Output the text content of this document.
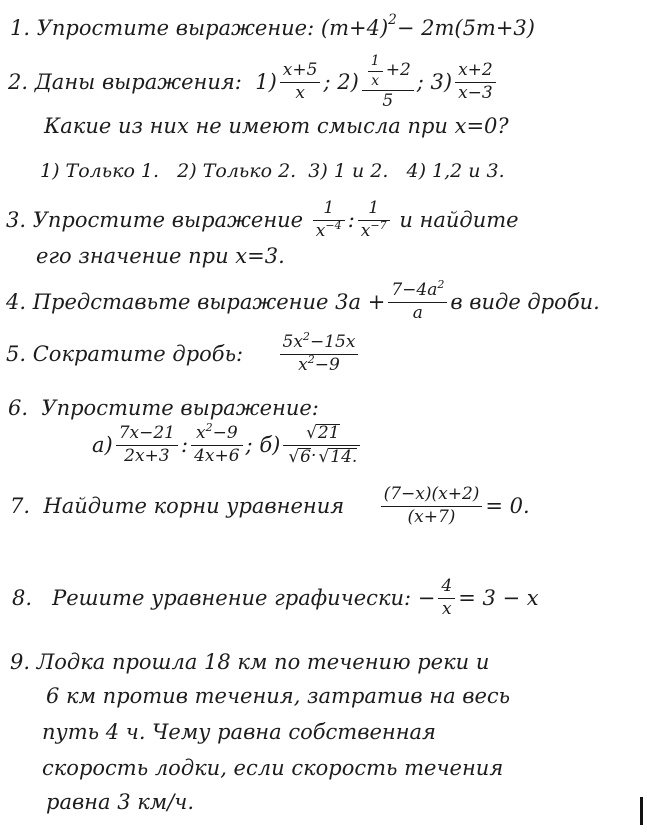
1.
Упростите выражение:
(m+4) 2 − 2m(5m+3)
2.
Даны выражения:
$1) \frac{x+5}{x}$ ;
$2) \frac{\frac{1}{x} +2}{5}$ ;
$3) \frac{x+2}{x-3}$
Какие из них не имеют смысла при x=0?
1) Только 1.   2) Только 2.  3) 1 и 2.   4) 1,2 и 3.
3.
Упростите выражение
$\frac{1}{x -4}$ : $\frac{1}{x -7}$
и найдите
его значение при x=3.
4.
Представьте выражение
$3a + \frac{7-4a 2}{a}$ в виде дроби.
5.
Сократите дробь:
$\frac{5x 2 -15x}{x 2 -9}$
6.
Упростите выражение:
$а) \frac{7x-21}{2x+3}$ : $\frac{x 2 -9}{4x+6}$ ;
б) √ 21
√ 6 · √ 14.
7.
Найдите корни уравнения
$\frac{(7-x)(x+2)}{(x+7)} = 0$.
8.
Решите уравнение графически:
− $\frac{4}{x} = 3 - x$
9.
Лодка прошла 18 км по течению реки и
6 км против течения, затратив на весь
путь 4 ч. Чему равна собственная
скорость лодки, если скорость течения
равна 3 км/ч.
